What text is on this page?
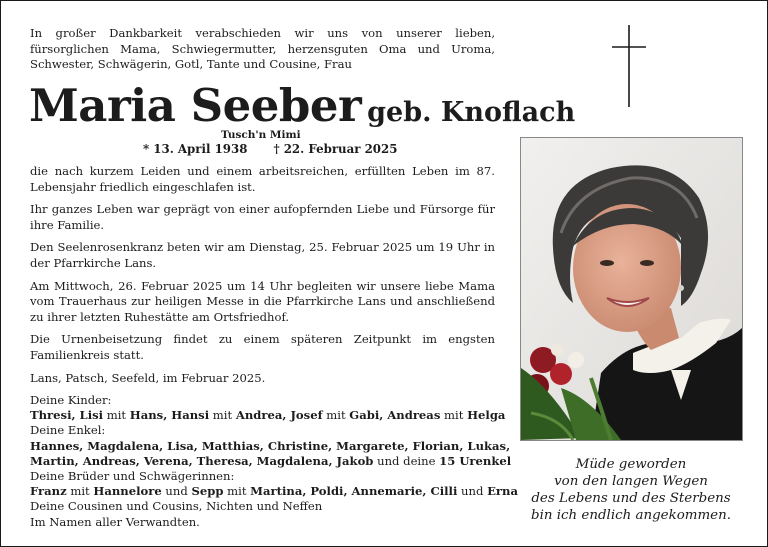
In großer Dankbarkeit verabschieden wir uns von unserer lieben, fürsorglichen Mama, Schwiegermutter, herzensguten Oma und Uroma, Schwester, Schwägerin, Gotl, Tante und Cousine, Frau

Maria Seeber geb. Knoflach
Tusch'n Mimi
* 13. April 1938 † 22. Februar 2025

die nach kurzem Leiden und einem arbeitsreichen, erfüllten Leben im 87. Lebensjahr friedlich eingeschlafen ist.

Ihr ganzes Leben war geprägt von einer aufopfernden Liebe und Fürsorge für ihre Familie.

Den Seelenrosenkranz beten wir am Dienstag, 25. Februar 2025 um 19 Uhr in der Pfarrkirche Lans.

Am Mittwoch, 26. Februar 2025 um 14 Uhr begleiten wir unsere liebe Mama vom Trauerhaus zur heiligen Messe in die Pfarrkirche Lans und anschließend zu ihrer letzten Ruhestätte am Ortsfriedhof.

Die Urnenbeisetzung findet zu einem späteren Zeitpunkt im engsten Familienkreis statt.

Lans, Patsch, Seefeld, im Februar 2025.

Deine Kinder:
Thresi, Lisi mit Hans, Hansi mit Andrea, Josef mit Gabi, Andreas mit Helga
Deine Enkel:
Hannes, Magdalena, Lisa, Matthias, Christine, Margarete, Florian, Lukas,
Martin, Andreas, Verena, Theresa, Magdalena, Jakob und deine 15 Urenkel
Deine Brüder und Schwägerinnen:
Franz mit Hannelore und Sepp mit Martina, Poldi, Annemarie, Cilli und Erna
Deine Cousinen und Cousins, Nichten und Neffen
Im Namen aller Verwandten.
Müde geworden
von den langen Wegen
des Lebens und des Sterbens
bin ich endlich angekommen.
